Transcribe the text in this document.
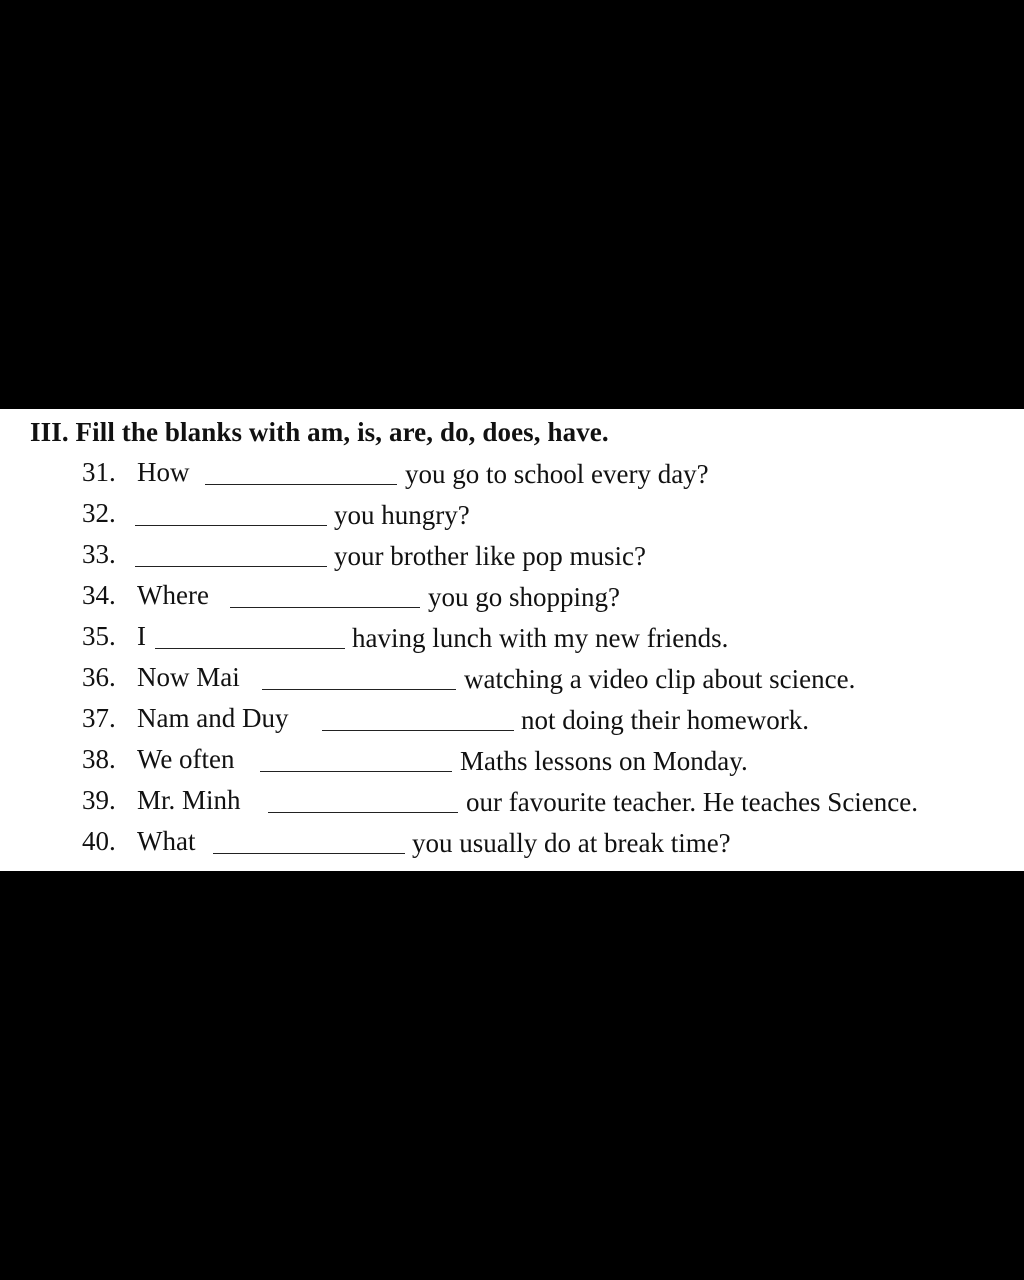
III. Fill the blanks with am, is, are, do, does, have.
31. How	you go to school every day?
32.	you hungry?
33.	your brother like pop music?
34. Where	you go shopping?
35. I	having lunch with my new friends.
36. Now Mai	watching a video clip about science.
37. Nam and Duy	not doing their homework.
38. We often	Maths lessons on Monday.
39. Mr. Minh	our favourite teacher. He teaches Science.
40. What	you usually do at break time?
